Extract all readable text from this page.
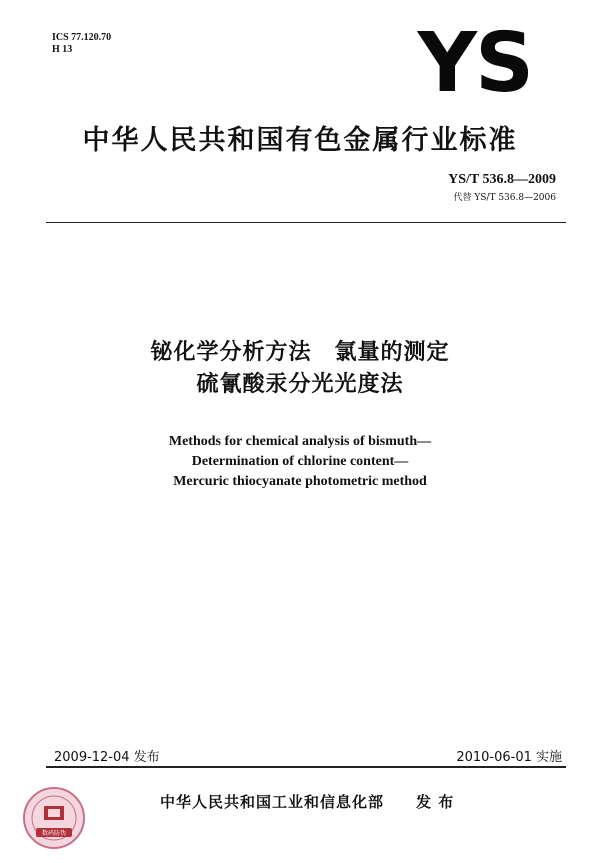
ICS 77.120.70
H 13	YS
中华人民共和国有色金属行业标准
YS/T 536.8—2009
代替 YS/T 536.8—2006
铋化学分析方法　氯量的测定
硫氰酸汞分光光度法
Methods for chemical analysis of bismuth—
Determination of chlorine content—
Mercuric thiocyanate photometric method
2009-12-04 发布	2010-06-01 实施
数码防伪
中华人民共和国工业和信息化部　　发 布
